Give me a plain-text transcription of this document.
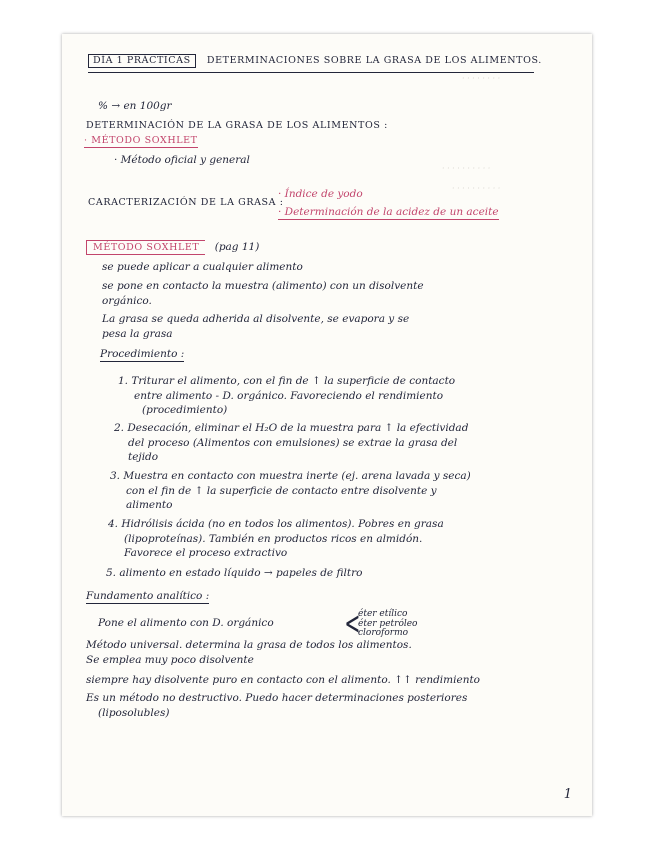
· · · · · · · ·
· · · · · · · · · ·
· · · · · · · · · ·
DÍA 1 PRÁCTICAS DETERMINACIONES SOBRE LA GRASA DE LOS ALIMENTOS.
% → en 100gr
DETERMINACIÓN DE LA GRASA DE LOS ALIMENTOS :
· MÉTODO SOXHLET
· Método oficial y general
CARACTERIZACIÓN DE LA GRASA :
· Índice de yodo
· Determinación de la acidez de un aceite
MÉTODO SOXHLET (pag 11)
se puede aplicar a cualquier alimento
se pone en contacto la muestra (alimento) con un disolvente
orgánico.
La grasa se queda adherida al disolvente, se evapora y se
pesa la grasa
Procedimiento :
1. Triturar el alimento, con el fin de ↑ la superficie de contacto
entre alimento - D. orgánico. Favoreciendo el rendimiento
(procedimiento)
2. Desecación, eliminar el H₂O de la muestra para ↑ la efectividad
del proceso (Alimentos con emulsiones) se extrae la grasa del
tejido
3. Muestra en contacto con muestra inerte (ej. arena lavada y seca)
con el fin de ↑ la superficie de contacto entre disolvente y
alimento
4. Hidrólisis ácida (no en todos los alimentos). Pobres en grasa
(lipoproteínas). También en productos ricos en almidón.
Favorece el proceso extractivo
5. alimento en estado líquido → papeles de filtro
Fundamento analítico :
Pone el alimento con D. orgánico <
éter etílico
éter petróleo
cloroformo
Método universal. determina la grasa de todos los alimentos.
Se emplea muy poco disolvente
siempre hay disolvente puro en contacto con el alimento. ↑↑ rendimiento
Es un método no destructivo. Puedo hacer determinaciones posteriores
(liposolubles)
1
